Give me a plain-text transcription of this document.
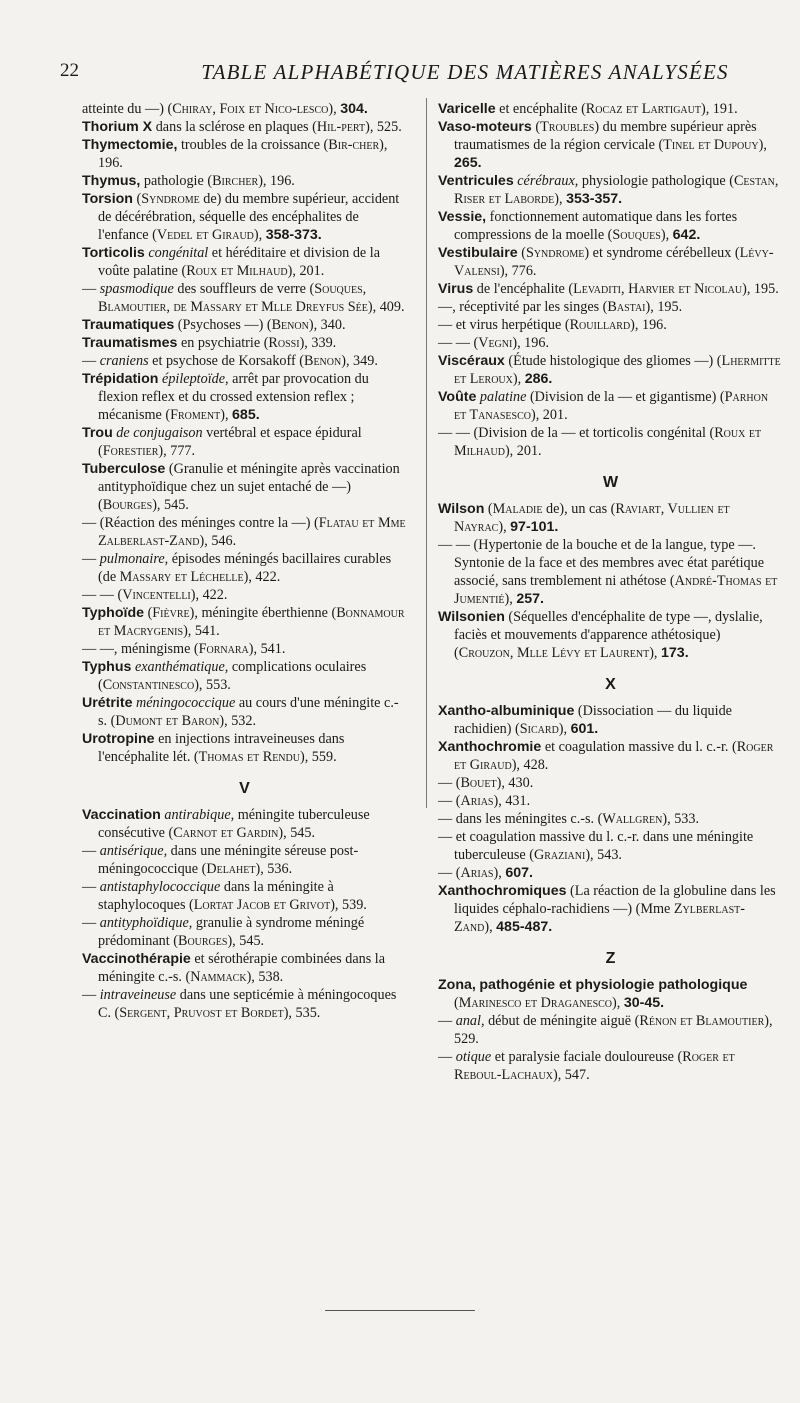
22	TABLE ALPHABÉTIQUE DES MATIÈRES ANALYSÉES

atteinte du —) (Chiray, Foix et Nico-lesco), 304.

Thorium X dans la sclérose en plaques (Hil-pert), 525.

Thymectomie, troubles de la croissance (Bir-cher), 196.

Thymus, pathologie (Bircher), 196.

Torsion (Syndrome de) du membre supérieur, accident de décérébration, séquelle des encéphalites de l'enfance (Vedel et Giraud), 358-373.

Torticolis congénital et héréditaire et division de la voûte palatine (Roux et Milhaud), 201.

— spasmodique des souffleurs de verre (Souques, Blamoutier, de Massary et Mlle Dreyfus Sée), 409.

Traumatiques (Psychoses —) (Benon), 340.

Traumatismes en psychiatrie (Rossi), 339.

— craniens et psychose de Korsakoff (Benon), 349.

Trépidation épileptoïde, arrêt par provocation du flexion reflex et du crossed extension reflex ; mécanisme (Froment), 685.

Trou de conjugaison vertébral et espace épidural (Forestier), 777.

Tuberculose (Granulie et méningite après vaccination antityphoïdique chez un sujet entaché de —) (Bourges), 545.

— (Réaction des méninges contre la —) (Flatau et Mme Zalberlast-Zand), 546.

— pulmonaire, épisodes méningés bacillaires curables (de Massary et Léchelle), 422.

— — (Vincentelli), 422.

Typhoïde (Fièvre), méningite éberthienne (Bonnamour et Macrygenis), 541.

— —, méningisme (Fornara), 541.

Typhus exanthématique, complications oculaires (Constantinesco), 553.

Urétrite méningococcique au cours d'une méningite c.-s. (Dumont et Baron), 532.

Urotropine en injections intraveineuses dans l'encéphalite lét. (Thomas et Rendu), 559.

V

Vaccination antirabique, méningite tuberculeuse consécutive (Carnot et Gardin), 545.

— antisérique, dans une méningite séreuse post-méningococcique (Delahet), 536.

— antistaphylococcique dans la méningite à staphylocoques (Lortat Jacob et Grivot), 539.

— antityphoïdique, granulie à syndrome méningé prédominant (Bourges), 545.

Vaccinothérapie et sérothérapie combinées dans la méningite c.-s. (Nammack), 538.

— intraveineuse dans une septicémie à méningocoques C. (Sergent, Pruvost et Bordet), 535.

Varicelle et encéphalite (Rocaz et Lartigaut), 191.

Vaso-moteurs (Troubles) du membre supérieur après traumatismes de la région cervicale (Tinel et Dupouy), 265.

Ventricules cérébraux, physiologie pathologique (Cestan, Riser et Laborde), 353-357.

Vessie, fonctionnement automatique dans les fortes compressions de la moelle (Souques), 642.

Vestibulaire (Syndrome) et syndrome cérébelleux (Lévy-Valensi), 776.

Virus de l'encéphalite (Levaditi, Harvier et Nicolau), 195.

—, réceptivité par les singes (Bastai), 195.

— et virus herpétique (Rouillard), 196.

— — (Vegni), 196.

Viscéraux (Étude histologique des gliomes —) (Lhermitte et Leroux), 286.

Voûte palatine (Division de la — et gigantisme) (Parhon et Tanasesco), 201.

— — (Division de la — et torticolis congénital (Roux et Milhaud), 201.

W

Wilson (Maladie de), un cas (Raviart, Vullien et Nayrac), 97-101.

— — (Hypertonie de la bouche et de la langue, type —. Syntonie de la face et des membres avec état parétique associé, sans tremblement ni athétose (André-Thomas et Jumentié), 257.

Wilsonien (Séquelles d'encéphalite de type —, dyslalie, faciès et mouvements d'apparence athétosique) (Crouzon, Mlle Lévy et Laurent), 173.

X

Xantho-albuminique (Dissociation — du liquide rachidien) (Sicard), 601.

Xanthochromie et coagulation massive du l. c.-r. (Roger et Giraud), 428.

— (Bouet), 430.

— (Arias), 431.

— dans les méningites c.-s. (Wallgren), 533.

— et coagulation massive du l. c.-r. dans une méningite tuberculeuse (Graziani), 543.

— (Arias), 607.

Xanthochromiques (La réaction de la globuline dans les liquides céphalo-rachidiens —) (Mme Zylberlast-Zand), 485-487.

Z

Zona, pathogénie et physiologie pathologique (Marinesco et Draganesco), 30-45.

— anal, début de méningite aiguë (Rénon et Blamoutier), 529.

— otique et paralysie faciale douloureuse (Roger et Reboul-Lachaux), 547.
